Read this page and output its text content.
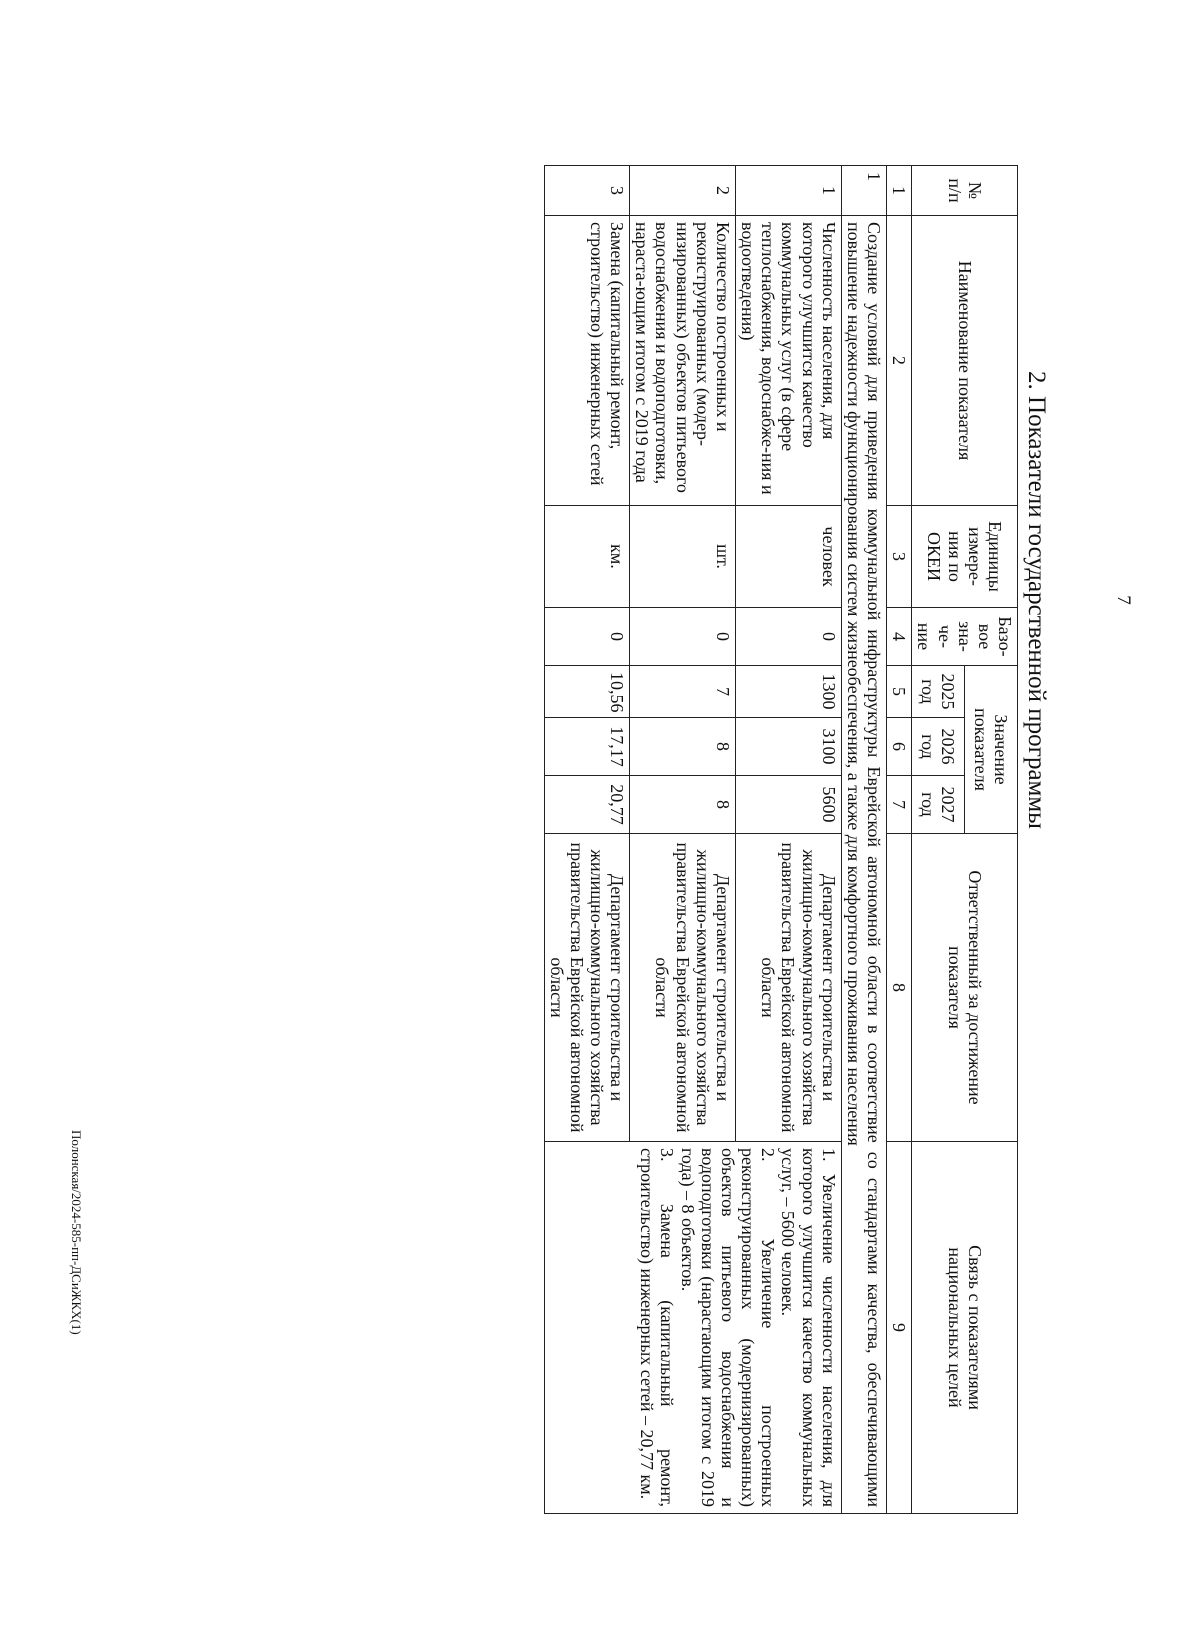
7
2. Показатели государственной программы
№
п/п	Наименование показателя	Единицы
измере-
ния по
ОКЕИ	Базо-
вое
зна-
че-
ние	Значение
показателя			Ответственный за достижение
показателя	Связь с показателями
национальных целей
				2025
год	2026
год	2027
год		
1	2	3	4	5	6	7	8	9
1	Создание условий для приведения коммунальной инфраструктуры Еврейской автономной области в соответствие со стандартами качества, обеспечивающими повышение надежности функционирования систем жизнеобеспечения, а также для комфортного проживания населения							
1	Численность населения, для которого улучшится качество коммунальных услуг (в сфере теплоснабжения, водоснабже-ния и водоотведения)	человек	0	1300	3100	5600	Департамент строительства и жилищно-коммунального хозяйства правительства Еврейской автономной области	1. Увеличение численности населения, для которого улучшится качество коммунальных услуг, – 5600 человек.
2. Увеличение построенных реконструированных (модернизированных) объектов питьевого водоснабжения и водоподготовки (нарастающим итогом с 2019 года) – 8 объектов.
3. Замена (капитальный ремонт, строительство) инженерных сетей – 20,77 км.
2	Количество построенных и реконструированных (модер-низированных) объектов питьевого водоснабжения и водоподготовки, нараста-ющим итогом с 2019 года	шт.	0	7	8	8	Департамент строительства и жилищно-коммунального хозяйства правительства Еврейской автономной области	
3	Замена (капитальный ремонт, строительство) инженерных сетей	км.	0	10,56	17,17	20,77	Департамент строительства и жилищно-коммунального хозяйства правительства Еврейской автономной области	
Полонская/2024-585-пп-ДСиЖКХ(1)
